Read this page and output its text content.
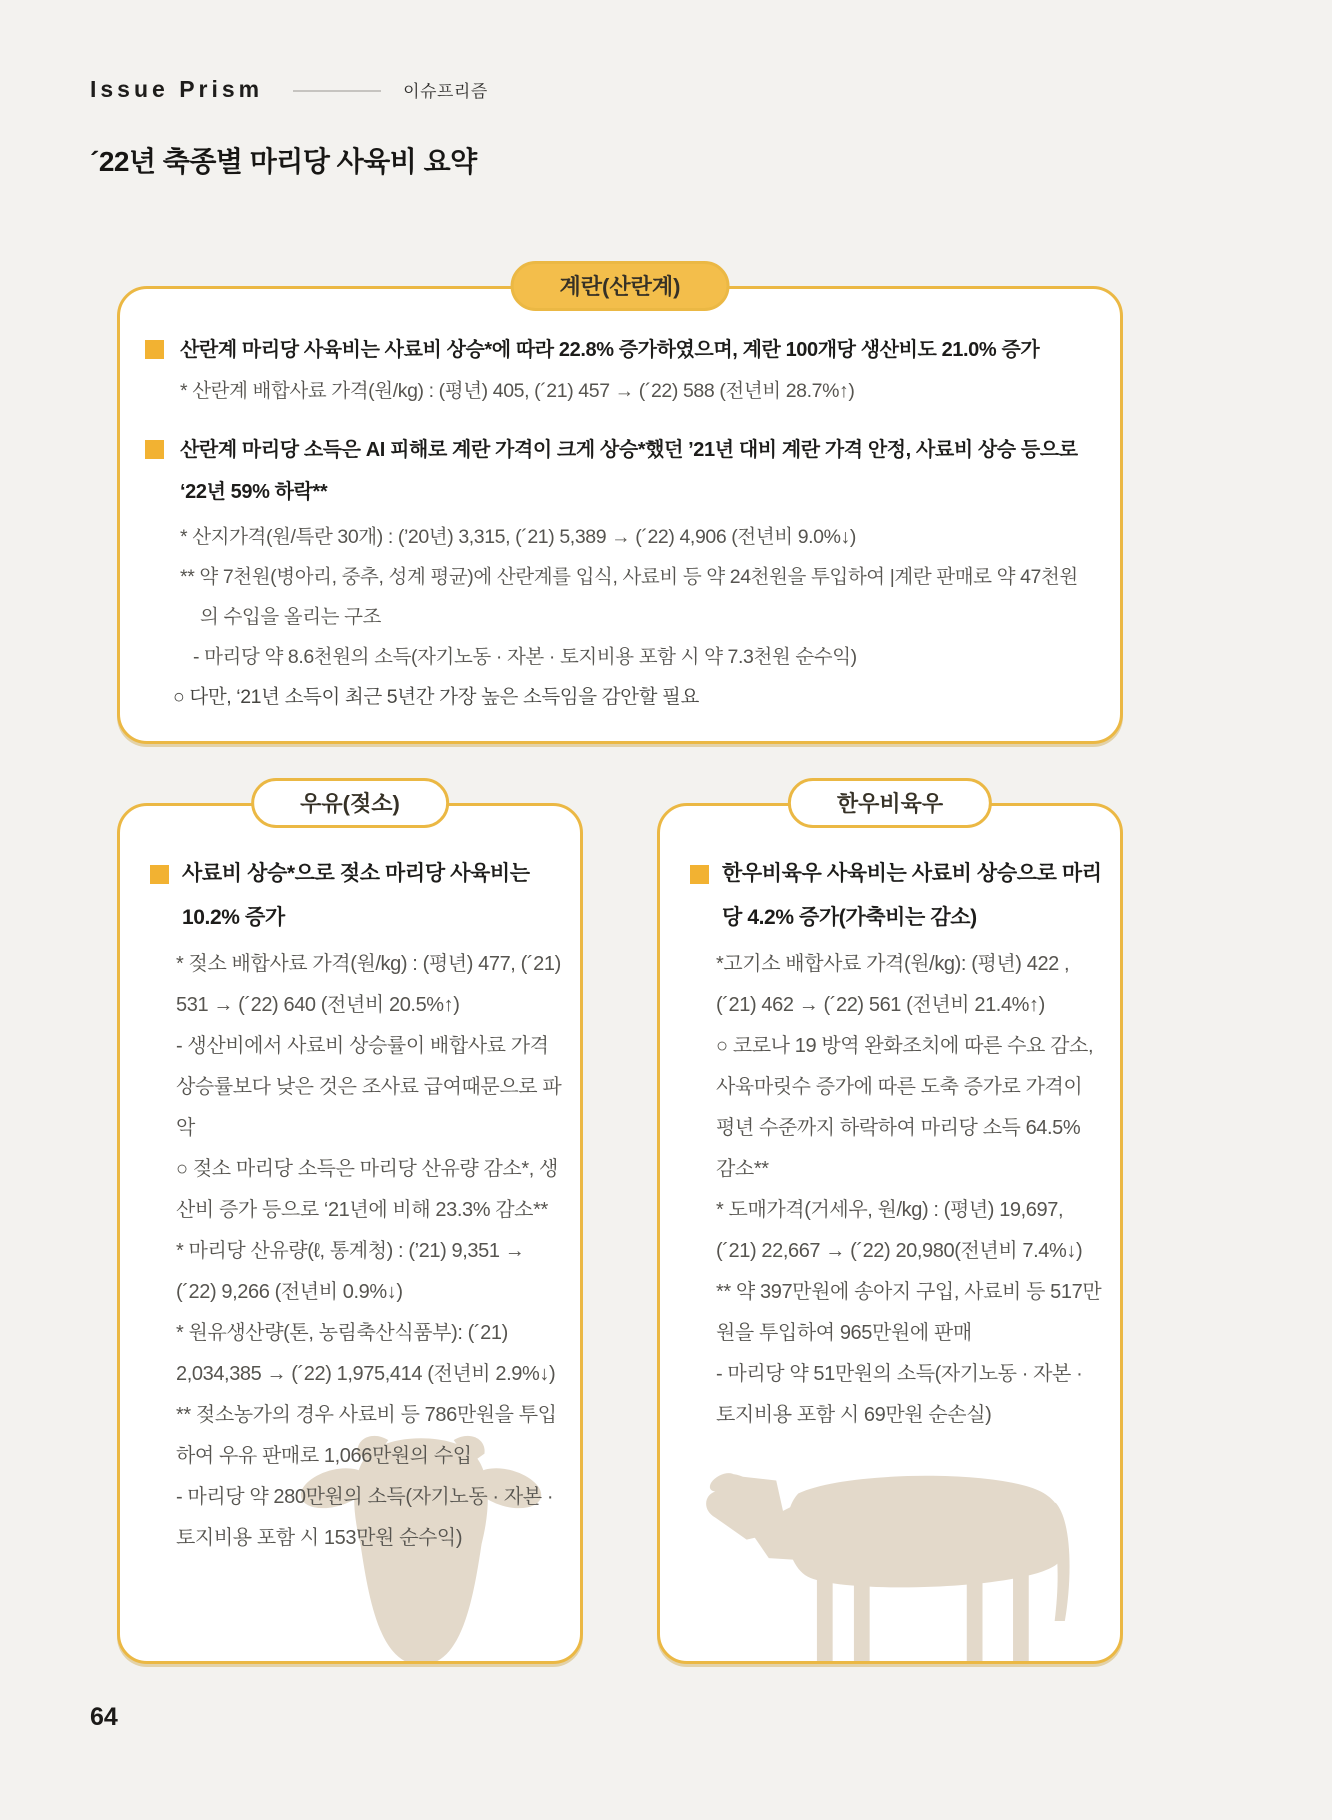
Issue Prism	이슈프리즘
´22년 축종별 마리당 사육비 요약
계란(산란계)

산란계 마리당 사육비는 사료비 상승*에 따라 22.8% 증가하였으며, 계란 100개당 생산비도 21.0% 증가

* 산란계 배합사료 가격(원/kg) : (평년) 405, (´21) 457 → (´22) 588 (전년비 28.7%↑)

산란계 마리당 소득은 AI 피해로 계란 가격이 크게 상승*했던 ’21년 대비 계란 가격 안정, 사료비 상승 등으로 ‘22년 59% 하락**

* 산지가격(원/특란 30개) : (’20년) 3,315, (´21) 5,389 → (´22) 4,906 (전년비 9.0%↓)

** 약 7천원(병아리, 중추, 성계 평균)에 산란계를 입식, 사료비 등 약 24천원을 투입하여 |계란 판매로 약 47천원의 수입을 올리는 구조

- 마리당 약 8.6천원의 소득(자기노동 · 자본 · 토지비용 포함 시 약 7.3천원 순수익)

○ 다만, ‘21년 소득이 최근 5년간 가장 높은 소득임을 감안할 필요

우유(젖소)

사료비 상승*으로 젖소 마리당 사육비는 10.2% 증가

* 젖소 배합사료 가격(원/kg) : (평년) 477, (´21) 531 → (´22) 640 (전년비 20.5%↑)

- 생산비에서 사료비 상승률이 배합사료 가격 상승률보다 낮은 것은 조사료 급여때문으로 파악

○ 젖소 마리당 소득은 마리당 산유량 감소*, 생산비 증가 등으로 ‘21년에 비해 23.3% 감소**

* 마리당 산유량(ℓ, 통계청) : (’21) 9,351 → (´22) 9,266 (전년비 0.9%↓)

* 원유생산량(톤, 농림축산식품부): (´21) 2,034,385 → (´22) 1,975,414 (전년비 2.9%↓)

** 젖소농가의 경우 사료비 등 786만원을 투입하여 우유 판매로 1,066만원의 수입

- 마리당 약 280만원의 소득(자기노동 · 자본 · 토지비용 포함 시 153만원 순수익)

한우비육우

한우비육우 사육비는 사료비 상승으로 마리당 4.2% 증가(가축비는 감소)

*고기소 배합사료 가격(원/kg): (평년) 422 , (´21) 462 → (´22) 561 (전년비 21.4%↑)

○ 코로나 19 방역 완화조치에 따른 수요 감소, 사육마릿수 증가에 따른 도축 증가로 가격이 평년 수준까지 하락하여 마리당 소득 64.5% 감소**

* 도매가격(거세우, 원/kg) : (평년) 19,697, (´21) 22,667 → (´22) 20,980(전년비 7.4%↓)

** 약 397만원에 송아지 구입, 사료비 등 517만원을 투입하여 965만원에 판매

- 마리당 약 51만원의 소득(자기노동 · 자본 · 토지비용 포함 시 69만원 순손실)

64
